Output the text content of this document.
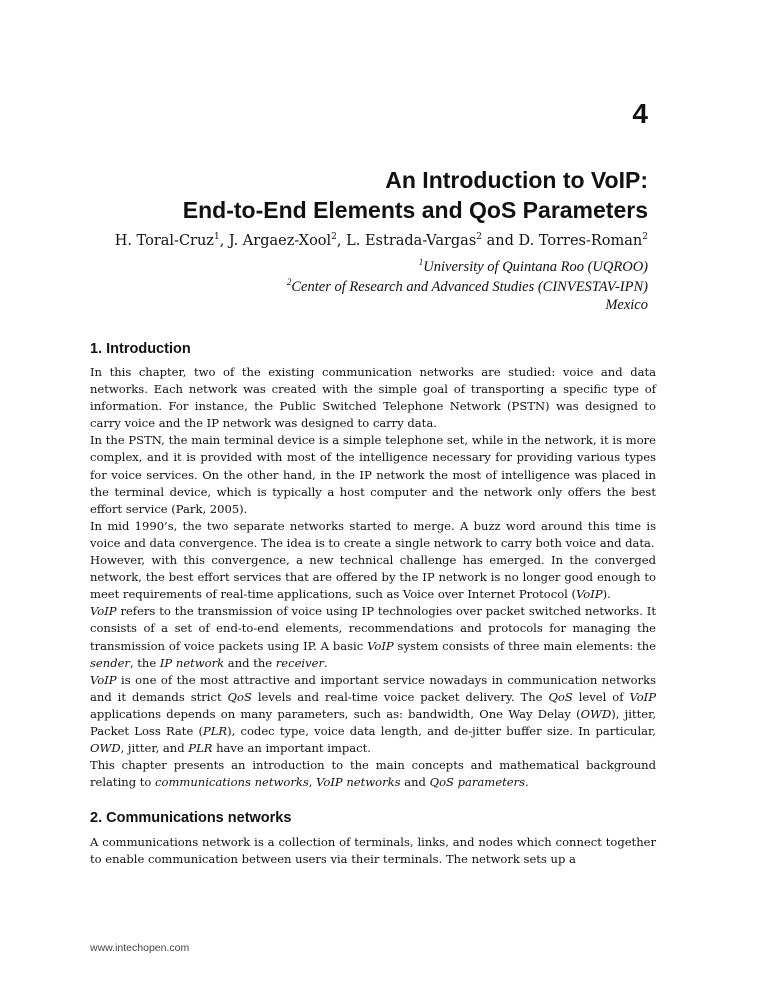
4
An Introduction to VoIP:
End-to-End Elements and QoS Parameters
H. Toral-Cruz$^1$, J. Argaez-Xool$^2$, L. Estrada-Vargas$^2$ and D. Torres-Roman$^2$
$^1$University of Quintana Roo (UQROO)
$^2$Center of Research and Advanced Studies (CINVESTAV-IPN)
Mexico
1. Introduction

In this chapter, two of the existing communication networks are studied: voice and data networks. Each network was created with the simple goal of transporting a specific type of information. For instance, the Public Switched Telephone Network (PSTN) was designed to carry voice and the IP network was designed to carry data.

In the PSTN, the main terminal device is a simple telephone set, while in the network, it is more complex, and it is provided with most of the intelligence necessary for providing various types for voice services. On the other hand, in the IP network the most of intelligence was placed in the terminal device, which is typically a host computer and the network only offers the best effort service (Park, 2005).

In mid 1990’s, the two separate networks started to merge. A buzz word around this time is voice and data convergence. The idea is to create a single network to carry both voice and data.

However, with this convergence, a new technical challenge has emerged. In the converged network, the best effort services that are offered by the IP network is no longer good enough to meet requirements of real-time applications, such as Voice over Internet Protocol (VoIP).

VoIP refers to the transmission of voice using IP technologies over packet switched networks. It consists of a set of end-to-end elements, recommendations and protocols for managing the transmission of voice packets using IP. A basic VoIP system consists of three main elements: the sender, the IP network and the receiver.

VoIP is one of the most attractive and important service nowadays in communication networks and it demands strict QoS levels and real-time voice packet delivery. The QoS level of VoIP applications depends on many parameters, such as: bandwidth, One Way Delay (OWD), jitter, Packet Loss Rate (PLR), codec type, voice data length, and de-jitter buffer size. In particular, OWD, jitter, and PLR have an important impact.

This chapter presents an introduction to the main concepts and mathematical background relating to communications networks, VoIP networks and QoS parameters.

2. Communications networks

A communications network is a collection of terminals, links, and nodes which connect together to enable communication between users via their terminals. The network sets up a

www.intechopen.com
